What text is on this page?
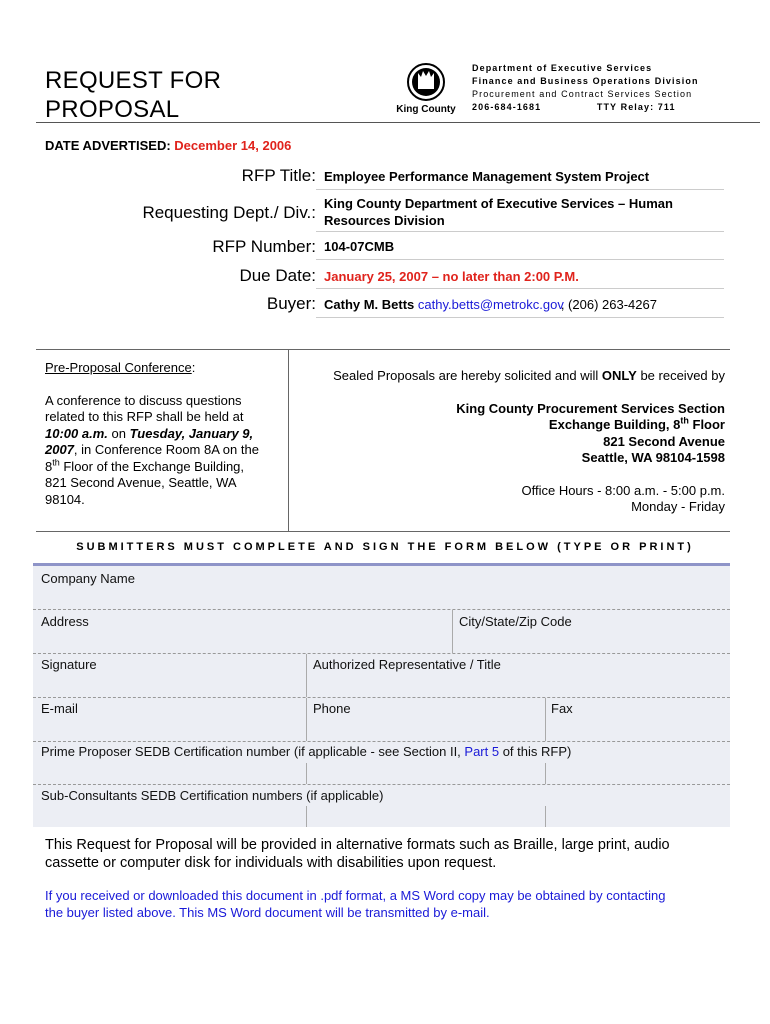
REQUEST FOR
PROPOSAL	King County
Department of Executive Services
Finance and Business Operations Division
Procurement and Contract Services Section
206-684-1681	TTY Relay: 711
DATE ADVERTISED: December 14, 2006
RFP Title: Employee Performance Management System Project
Requesting Dept./ Div.: King County Department of Executive Services – Human
Resources Division
RFP Number: 104-07CMB
Due Date: January 25, 2007 – no later than 2:00 P.M.
Buyer: Cathy M. Betts cathy.betts@metrokc.gov, (206) 263-4267
Pre-Proposal Conference:
A conference to discuss questions
related to this RFP shall be held at
10:00 a.m. on Tuesday, January 9,
2007, in Conference Room 8A on the
8th Floor of the Exchange Building,
821 Second Avenue, Seattle, WA
98104.
Sealed Proposals are hereby solicited and will ONLY be received by
King County Procurement Services Section
Exchange Building, 8th Floor
821 Second Avenue
Seattle, WA 98104-1598
Office Hours - 8:00 a.m. - 5:00 p.m.
Monday - Friday
SUBMITTERS MUST COMPLETE AND SIGN THE FORM BELOW (TYPE OR PRINT)
Company Name
Address	City/State/Zip Code
Signature	Authorized Representative / Title
E-mail	Phone	Fax
Prime Proposer SEDB Certification number (if applicable - see Section II, Part 5 of this RFP)
Sub-Consultants SEDB Certification numbers (if applicable)
This Request for Proposal will be provided in alternative formats such as Braille, large print, audio
cassette or computer disk for individuals with disabilities upon request.
If you received or downloaded this document in .pdf format, a MS Word copy may be obtained by contacting
the buyer listed above. This MS Word document will be transmitted by e-mail.
